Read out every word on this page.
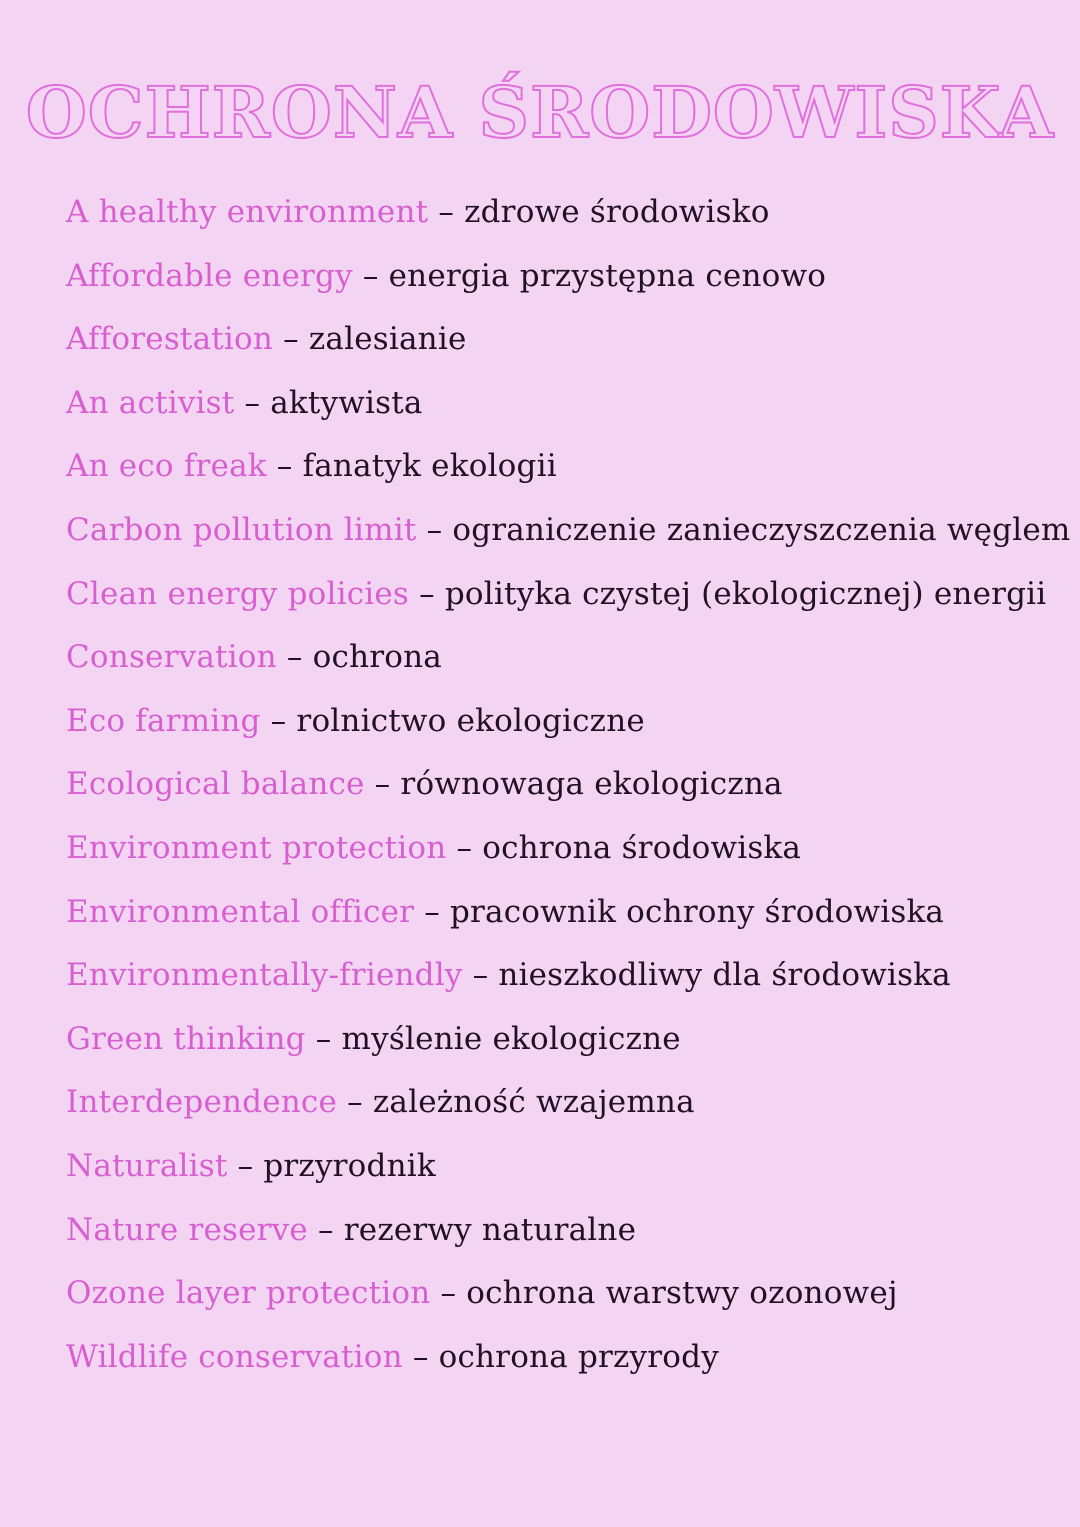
OCHRONA ŚRODOWISKA
A healthy environment – zdrowe środowisko
Affordable energy – energia przystępna cenowo
Afforestation – zalesianie
An activist – aktywista
An eco freak – fanatyk ekologii
Carbon pollution limit – ograniczenie zanieczyszczenia węglem
Clean energy policies – polityka czystej (ekologicznej) energii
Conservation – ochrona
Eco farming – rolnictwo ekologiczne
Ecological balance – równowaga ekologiczna
Environment protection – ochrona środowiska
Environmental officer – pracownik ochrony środowiska
Environmentally-friendly – nieszkodliwy dla środowiska
Green thinking – myślenie ekologiczne
Interdependence – zależność wzajemna
Naturalist – przyrodnik
Nature reserve – rezerwy naturalne
Ozone layer protection – ochrona warstwy ozonowej
Wildlife conservation – ochrona przyrody
